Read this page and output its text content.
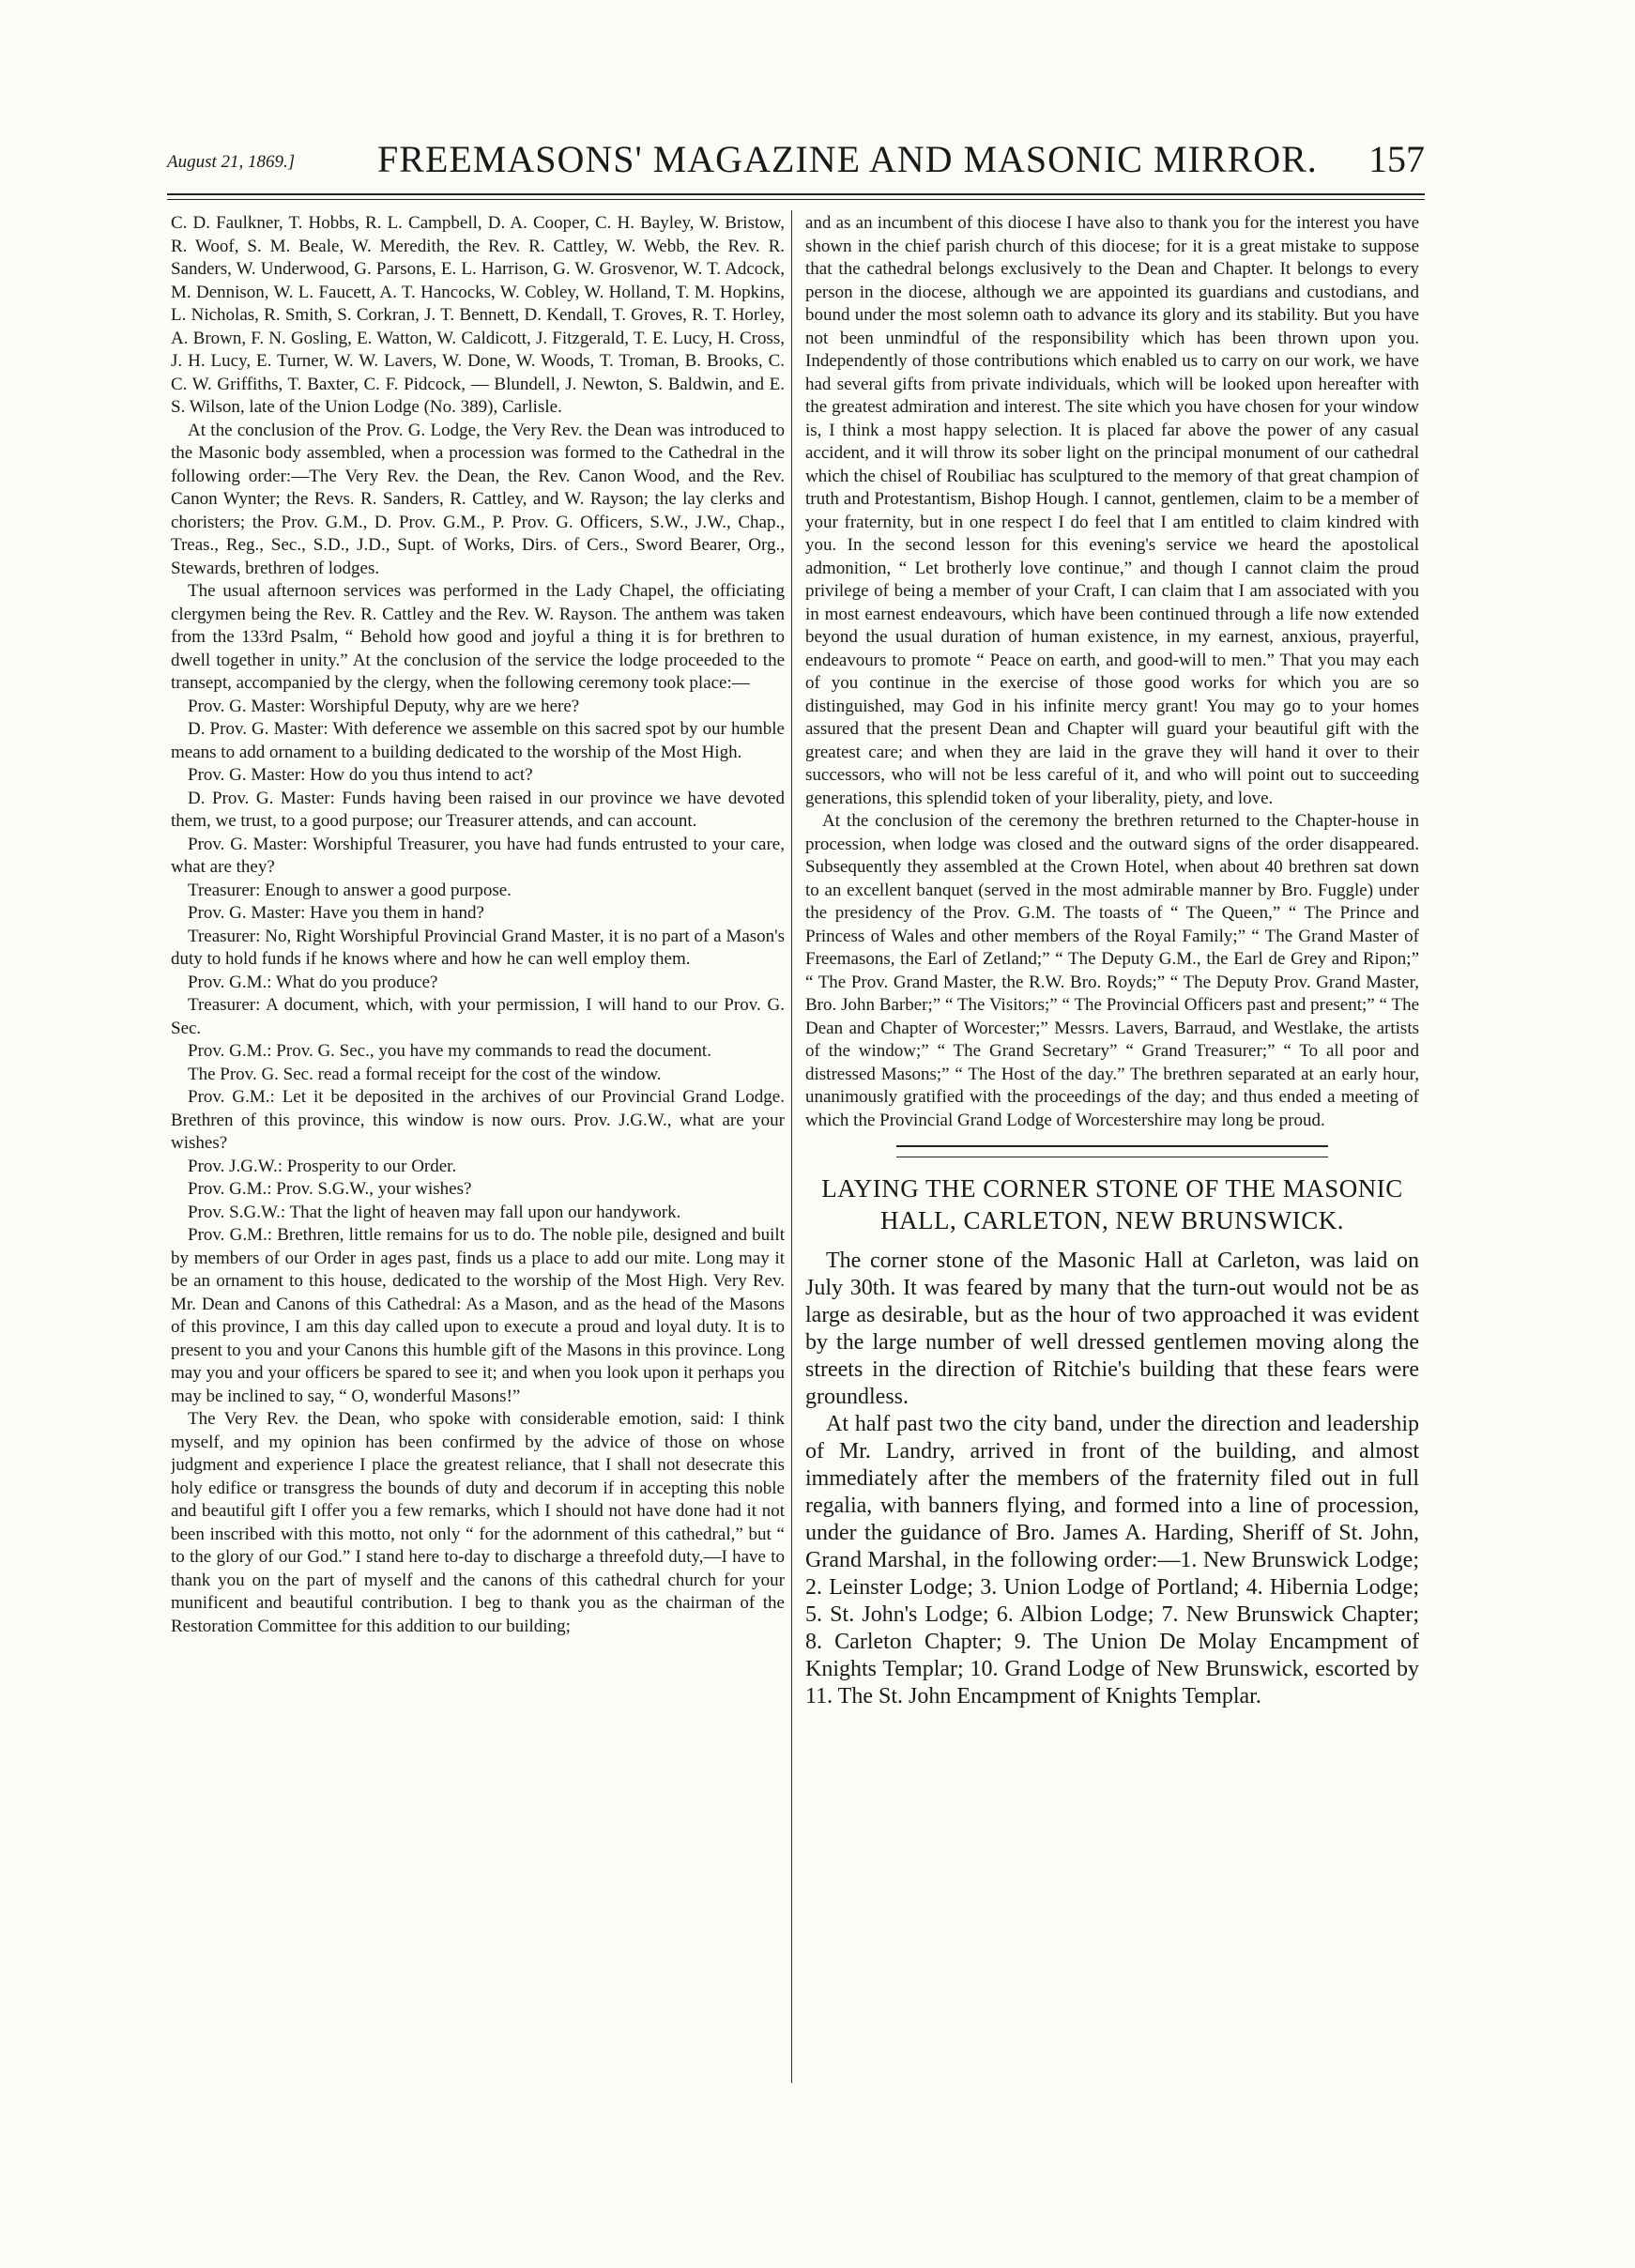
August 21, 1869.] FREEMASONS' MAGAZINE AND MASONIC MIRROR. 157

C. D. Faulkner, T. Hobbs, R. L. Campbell, D. A. Cooper, C. H. Bayley, W. Bristow, R. Woof, S. M. Beale, W. Meredith, the Rev. R. Cattley, W. Webb, the Rev. R. Sanders, W. Underwood, G. Parsons, E. L. Harrison, G. W. Grosvenor, W. T. Adcock, M. Dennison, W. L. Faucett, A. T. Hancocks, W. Cobley, W. Holland, T. M. Hopkins, L. Nicholas, R. Smith, S. Corkran, J. T. Bennett, D. Kendall, T. Groves, R. T. Horley, A. Brown, F. N. Gosling, E. Watton, W. Caldicott, J. Fitzgerald, T. E. Lucy, H. Cross, J. H. Lucy, E. Turner, W. W. Lavers, W. Done, W. Woods, T. Troman, B. Brooks, C. C. W. Griffiths, T. Baxter, C. F. Pidcock, — Blundell, J. Newton, S. Baldwin, and E. S. Wilson, late of the Union Lodge (No. 389), Carlisle.

At the conclusion of the Prov. G. Lodge, the Very Rev. the Dean was introduced to the Masonic body assembled, when a procession was formed to the Cathedral in the following order:—The Very Rev. the Dean, the Rev. Canon Wood, and the Rev. Canon Wynter; the Revs. R. Sanders, R. Cattley, and W. Rayson; the lay clerks and choristers; the Prov. G.M., D. Prov. G.M., P. Prov. G. Officers, S.W., J.W., Chap., Treas., Reg., Sec., S.D., J.D., Supt. of Works, Dirs. of Cers., Sword Bearer, Org., Stewards, brethren of lodges.

The usual afternoon services was performed in the Lady Chapel, the officiating clergymen being the Rev. R. Cattley and the Rev. W. Rayson. The anthem was taken from the 133rd Psalm, “ Behold how good and joyful a thing it is for brethren to dwell together in unity.” At the conclusion of the service the lodge proceeded to the transept, accompanied by the clergy, when the following ceremony took place:—

Prov. G. Master: Worshipful Deputy, why are we here?

D. Prov. G. Master: With deference we assemble on this sacred spot by our humble means to add ornament to a building dedicated to the worship of the Most High.

Prov. G. Master: How do you thus intend to act?

D. Prov. G. Master: Funds having been raised in our province we have devoted them, we trust, to a good purpose; our Treasurer attends, and can account.

Prov. G. Master: Worshipful Treasurer, you have had funds entrusted to your care, what are they?

Treasurer: Enough to answer a good purpose.

Prov. G. Master: Have you them in hand?

Treasurer: No, Right Worshipful Provincial Grand Master, it is no part of a Mason's duty to hold funds if he knows where and how he can well employ them.

Prov. G.M.: What do you produce?

Treasurer: A document, which, with your permission, I will hand to our Prov. G. Sec.

Prov. G.M.: Prov. G. Sec., you have my commands to read the document.

The Prov. G. Sec. read a formal receipt for the cost of the window.

Prov. G.M.: Let it be deposited in the archives of our Provincial Grand Lodge. Brethren of this province, this window is now ours. Prov. J.G.W., what are your wishes?

Prov. J.G.W.: Prosperity to our Order.

Prov. G.M.: Prov. S.G.W., your wishes?

Prov. S.G.W.: That the light of heaven may fall upon our handywork.

Prov. G.M.: Brethren, little remains for us to do. The noble pile, designed and built by members of our Order in ages past, finds us a place to add our mite. Long may it be an ornament to this house, dedicated to the worship of the Most High. Very Rev. Mr. Dean and Canons of this Cathedral: As a Mason, and as the head of the Masons of this province, I am this day called upon to execute a proud and loyal duty. It is to present to you and your Canons this humble gift of the Masons in this province. Long may you and your officers be spared to see it; and when you look upon it perhaps you may be inclined to say, “ O, wonderful Masons!”

The Very Rev. the Dean, who spoke with considerable emotion, said: I think myself, and my opinion has been confirmed by the advice of those on whose judgment and experience I place the greatest reliance, that I shall not desecrate this holy edifice or transgress the bounds of duty and decorum if in accepting this noble and beautiful gift I offer you a few remarks, which I should not have done had it not been inscribed with this motto, not only “ for the adornment of this cathedral,” but “ to the glory of our God.” I stand here to-day to discharge a threefold duty,—I have to thank you on the part of myself and the canons of this cathedral church for your munificent and beautiful contribution. I beg to thank you as the chairman of the Restoration Committee for this addition to our building;

and as an incumbent of this diocese I have also to thank you for the interest you have shown in the chief parish church of this diocese; for it is a great mistake to suppose that the cathedral belongs exclusively to the Dean and Chapter. It belongs to every person in the diocese, although we are appointed its guardians and custodians, and bound under the most solemn oath to advance its glory and its stability. But you have not been unmindful of the responsibility which has been thrown upon you. Independently of those contributions which enabled us to carry on our work, we have had several gifts from private individuals, which will be looked upon hereafter with the greatest admiration and interest. The site which you have chosen for your window is, I think a most happy selection. It is placed far above the power of any casual accident, and it will throw its sober light on the principal monument of our cathedral which the chisel of Roubiliac has sculptured to the memory of that great champion of truth and Protestantism, Bishop Hough. I cannot, gentlemen, claim to be a member of your fraternity, but in one respect I do feel that I am entitled to claim kindred with you. In the second lesson for this evening's service we heard the apostolical admonition, “ Let brotherly love continue,” and though I cannot claim the proud privilege of being a member of your Craft, I can claim that I am associated with you in most earnest endeavours, which have been continued through a life now extended beyond the usual duration of human existence, in my earnest, anxious, prayerful, endeavours to promote “ Peace on earth, and good-will to men.” That you may each of you continue in the exercise of those good works for which you are so distinguished, may God in his infinite mercy grant! You may go to your homes assured that the present Dean and Chapter will guard your beautiful gift with the greatest care; and when they are laid in the grave they will hand it over to their successors, who will not be less careful of it, and who will point out to succeeding generations, this splendid token of your liberality, piety, and love.

At the conclusion of the ceremony the brethren returned to the Chapter-house in procession, when lodge was closed and the outward signs of the order disappeared. Subsequently they assembled at the Crown Hotel, when about 40 brethren sat down to an excellent banquet (served in the most admirable manner by Bro. Fuggle) under the presidency of the Prov. G.M. The toasts of “ The Queen,” “ The Prince and Princess of Wales and other members of the Royal Family;” “ The Grand Master of Freemasons, the Earl of Zetland;” “ The Deputy G.M., the Earl de Grey and Ripon;” “ The Prov. Grand Master, the R.W. Bro. Royds;” “ The Deputy Prov. Grand Master, Bro. John Barber;” “ The Visitors;” “ The Provincial Officers past and present;” “ The Dean and Chapter of Worcester;” Messrs. Lavers, Barraud, and Westlake, the artists of the window;” “ The Grand Secretary” “ Grand Treasurer;” “ To all poor and distressed Masons;” “ The Host of the day.” The brethren separated at an early hour, unanimously gratified with the proceedings of the day; and thus ended a meeting of which the Provincial Grand Lodge of Worcestershire may long be proud.

LAYING THE CORNER STONE OF THE MASONIC HALL, CARLETON, NEW BRUNSWICK.

The corner stone of the Masonic Hall at Carleton, was laid on July 30th. It was feared by many that the turn-out would not be as large as desirable, but as the hour of two approached it was evident by the large number of well dressed gentlemen moving along the streets in the direction of Ritchie's building that these fears were groundless.

At half past two the city band, under the direction and leadership of Mr. Landry, arrived in front of the building, and almost immediately after the members of the fraternity filed out in full regalia, with banners flying, and formed into a line of procession, under the guidance of Bro. James A. Harding, Sheriff of St. John, Grand Marshal, in the following order:—1. New Brunswick Lodge; 2. Leinster Lodge; 3. Union Lodge of Portland; 4. Hibernia Lodge; 5. St. John's Lodge; 6. Albion Lodge; 7. New Brunswick Chapter; 8. Carleton Chapter; 9. The Union De Molay Encampment of Knights Templar; 10. Grand Lodge of New Brunswick, escorted by 11. The St. John Encampment of Knights Templar.
